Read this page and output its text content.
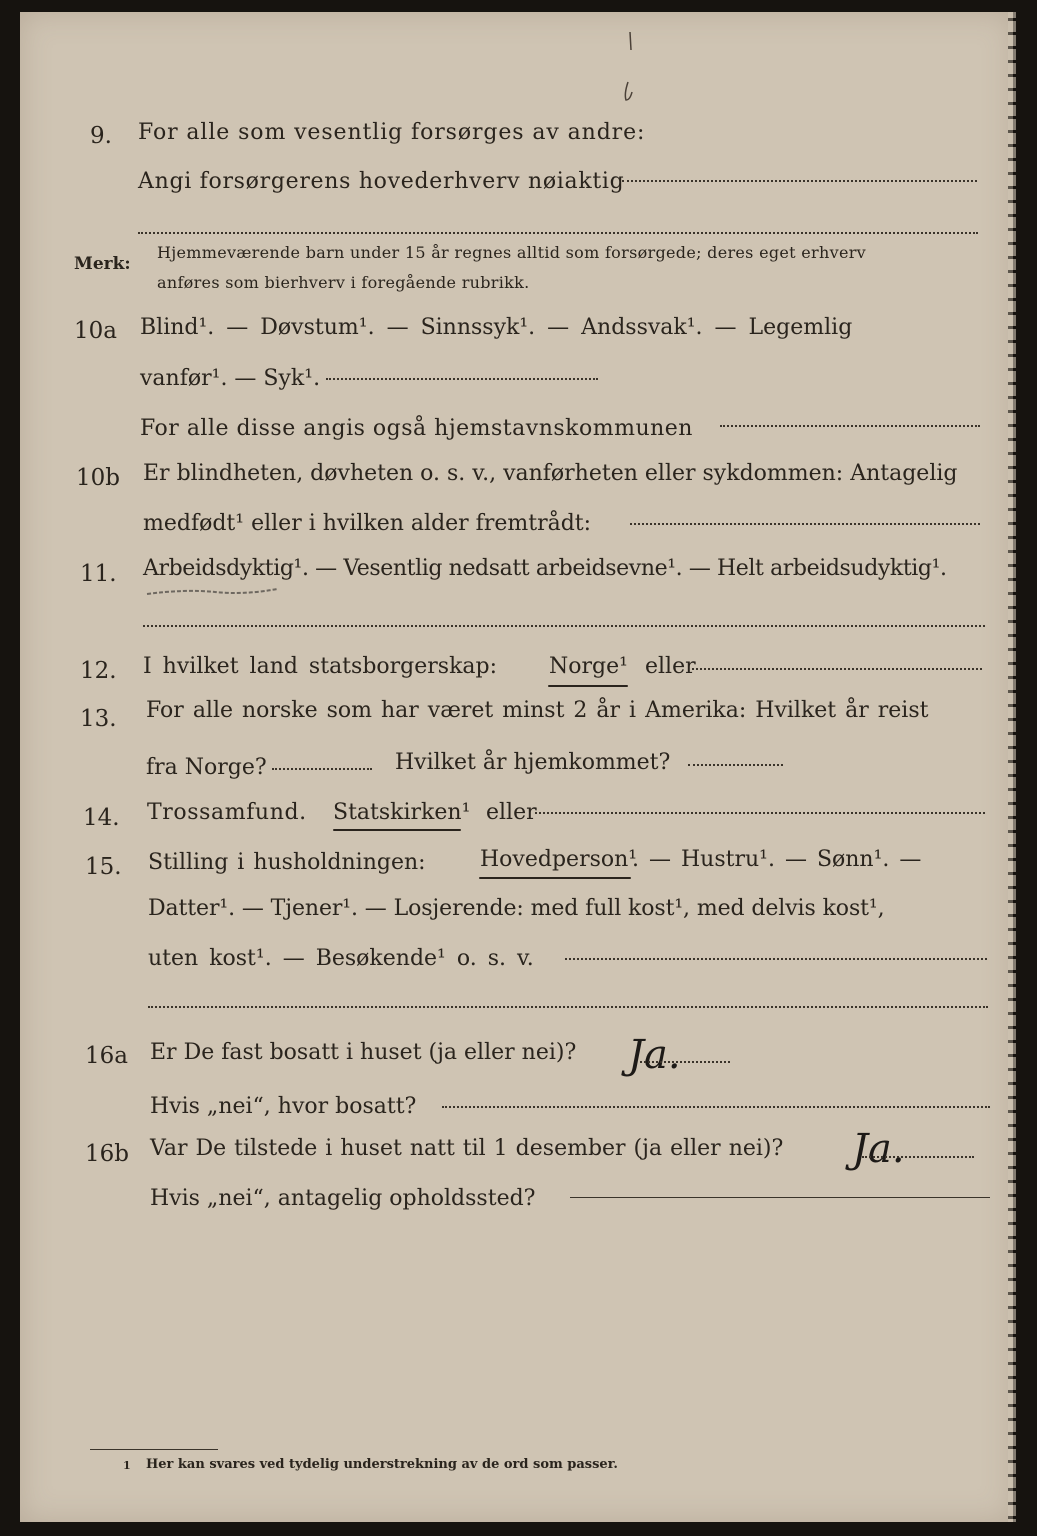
9. For alle som vesentlig forsørges av andre:
Angi forsørgerens hovederhverv nøiaktig
Merk:
Hjemmeværende barn under 15 år regnes alltid som forsørgede; deres eget erhverv
anføres som bierhverv i foregående rubrikk.
10a Blind¹. — Døvstum¹. — Sinnssyk¹. — Andssvak¹. — Legemlig
vanfør¹. — Syk¹.
For alle disse angis også hjemstavnskommunen
10b Er blindheten, døvheten o. s. v., vanførheten eller sykdommen: Antagelig
medfødt¹ eller i hvilken alder fremtrådt:
11. Arbeidsdyktig¹. — Vesentlig nedsatt arbeidsevne¹. — Helt arbeidsudyktig¹.
12. I hvilket land statsborgerskap: Norge¹ eller
13. For alle norske som har været minst 2 år i Amerika: Hvilket år reist
fra Norge?	Hvilket år hjemkommet?
14. Trossamfund. Statskirken¹ eller
15. Stilling i husholdningen: Hovedperson¹
. — Hustru¹. — Sønn¹. —
Datter¹. — Tjener¹. — Losjerende: med full kost¹, med delvis kost¹,
uten kost¹. — Besøkende¹ o. s. v.
16a Er De fast bosatt i huset (ja eller nei)? Ja.
Hvis „nei“, hvor bosatt?
16b Var De tilstede i huset natt til 1 desember (ja eller nei)? Ja.
Hvis „nei“, antagelig opholdssted?
1 Her kan svares ved tydelig understrekning av de ord som passer.
